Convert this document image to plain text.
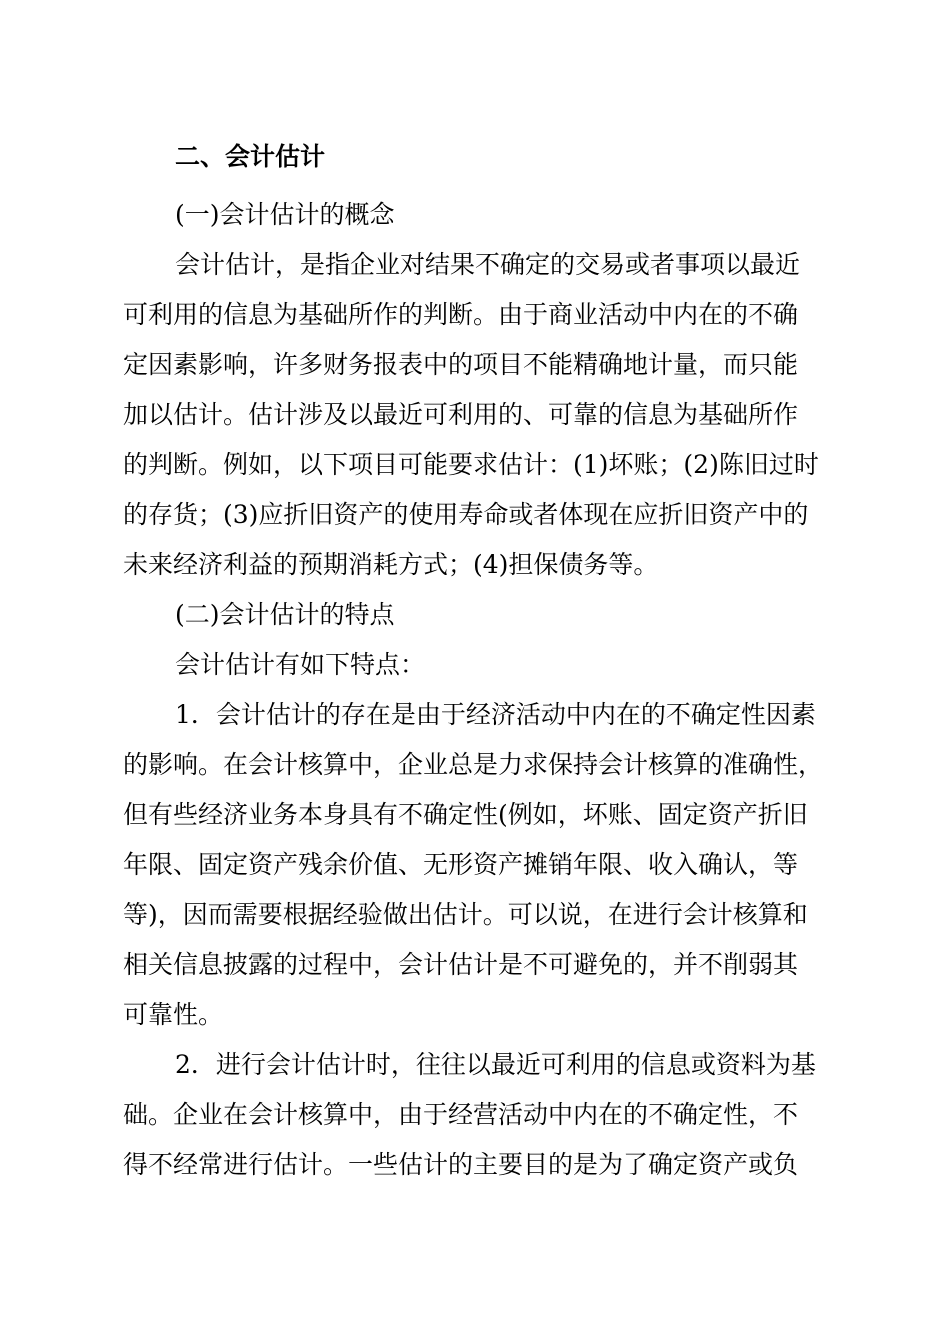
二、会计估计
(一)会计估计的概念
会计估计，是指企业对结果不确定的交易或者事项以最近
可利用的信息为基础所作的判断。由于商业活动中内在的不确
定因素影响，许多财务报表中的项目不能精确地计量，而只能
加以估计。估计涉及以最近可利用的、可靠的信息为基础所作
的判断。例如，以下项目可能要求估计：(1)坏账；(2)陈旧过时
的存货；(3)应折旧资产的使用寿命或者体现在应折旧资产中的
未来经济利益的预期消耗方式；(4)担保债务等。
(二)会计估计的特点
会计估计有如下特点：
1．会计估计的存在是由于经济活动中内在的不确定性因素
的影响。在会计核算中，企业总是力求保持会计核算的准确性，
但有些经济业务本身具有不确定性(例如，坏账、固定资产折旧
年限、固定资产残余价值、无形资产摊销年限、收入确认，等
等)，因而需要根据经验做出估计。可以说，在进行会计核算和
相关信息披露的过程中，会计估计是不可避免的，并不削弱其
可靠性。
2．进行会计估计时，往往以最近可利用的信息或资料为基
础。企业在会计核算中，由于经营活动中内在的不确定性，不
得不经常进行估计。一些估计的主要目的是为了确定资产或负
